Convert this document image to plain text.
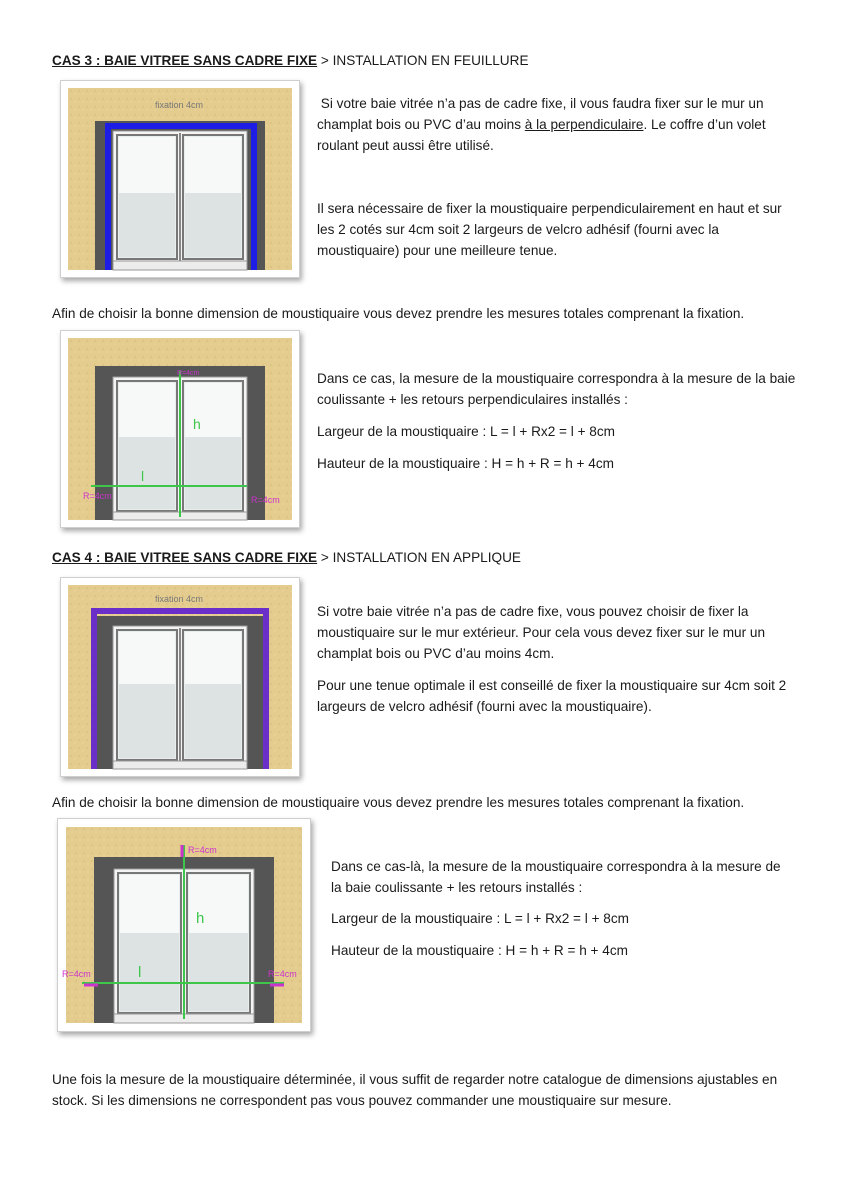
CAS 3 : BAIE VITREE SANS CADRE FIXE > INSTALLATION EN FEUILLURE
fixation 4cm	Si votre baie vitrée n’a pas de cadre fixe, il vous faudra fixer sur le mur un champlat bois ou PVC d’au moins à la perpendiculaire. Le coffre d’un volet roulant peut aussi être utilisé.

Il sera nécessaire de fixer la moustiquaire perpendiculairement en haut et sur les 2 cotés sur 4cm soit 2 largeurs de velcro adhésif (fourni avec la moustiquaire) pour une meilleure tenue.
Afin de choisir la bonne dimension de moustiquaire vous devez prendre les mesures totales comprenant la fixation.
h
l
R=4cm	R=4cm
R=4cm	Dans ce cas, la mesure de la moustiquaire correspondra à la mesure de la baie coulissante + les retours perpendiculaires installés :
Largeur de la moustiquaire : L = l + Rx2 = l + 8cm
Hauteur de la moustiquaire : H = h + R = h + 4cm
CAS 4 : BAIE VITREE SANS CADRE FIXE > INSTALLATION EN APPLIQUE
fixation 4cm
Si votre baie vitrée n’a pas de cadre fixe, vous pouvez choisir de fixer la moustiquaire sur le mur extérieur. Pour cela vous devez fixer sur le mur un champlat bois ou PVC d’au moins 4cm.
Pour une tenue optimale il est conseillé de fixer la moustiquaire sur 4cm soit 2 largeurs de velcro adhésif (fourni avec la moustiquaire).
Afin de choisir la bonne dimension de moustiquaire vous devez prendre les mesures totales comprenant la fixation.
h
l
R=4cm	R=4cm
R=4cm
Dans ce cas-là, la mesure de la moustiquaire correspondra à la mesure de la baie coulissante + les retours installés :
Largeur de la moustiquaire : L = l + Rx2 = l + 8cm
Hauteur de la moustiquaire : H = h + R = h + 4cm
Une fois la mesure de la moustiquaire déterminée, il vous suffit de regarder notre catalogue de dimensions ajustables en stock. Si les dimensions ne correspondent pas vous pouvez commander une moustiquaire sur mesure.
